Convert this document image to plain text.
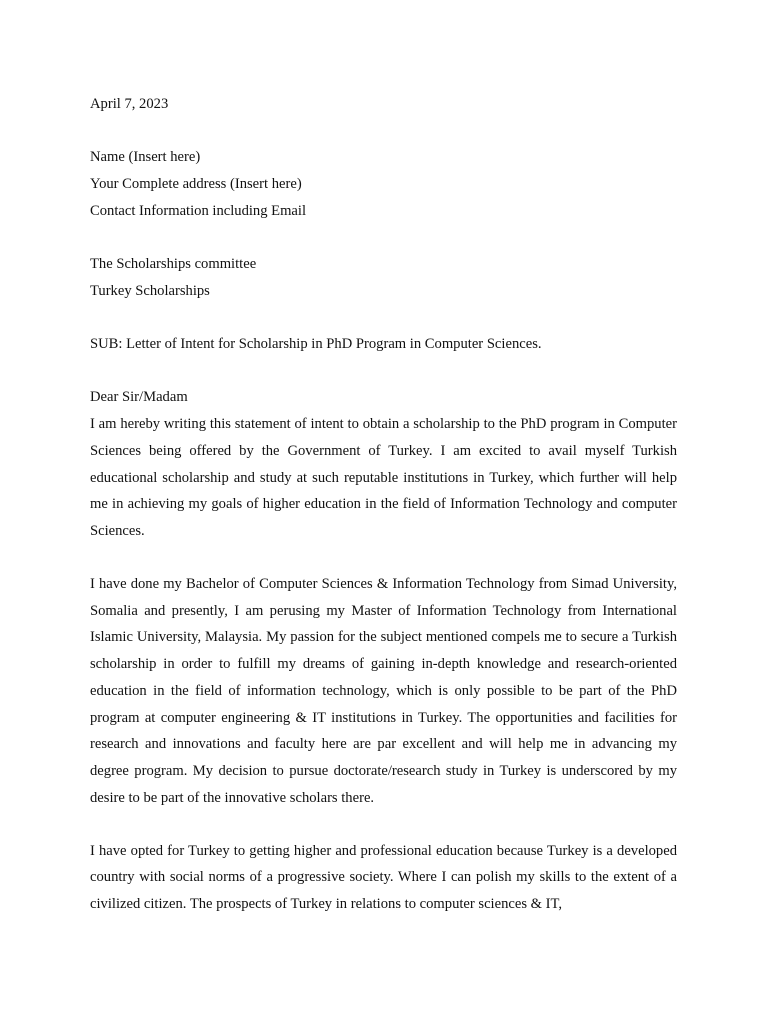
April 7, 2023
Name (Insert here)
Your Complete address (Insert here)
Contact Information including Email
The Scholarships committee
Turkey Scholarships
SUB: Letter of Intent for Scholarship in PhD Program in Computer Sciences.
Dear Sir/Madam

I am hereby writing this statement of intent to obtain a scholarship to the PhD program in Computer Sciences being offered by the Government of Turkey. I am excited to avail myself Turkish educational scholarship and study at such reputable institutions in Turkey, which further will help me in achieving my goals of higher education in the field of Information Technology and computer Sciences.

I have done my Bachelor of Computer Sciences & Information Technology from Simad University, Somalia and presently, I am perusing my Master of Information Technology from International Islamic University, Malaysia. My passion for the subject mentioned compels me to secure a Turkish scholarship in order to fulfill my dreams of gaining in-depth knowledge and research-oriented education in the field of information technology, which is only possible to be part of the PhD program at computer engineering & IT institutions in Turkey. The opportunities and facilities for research and innovations and faculty here are par excellent and will help me in advancing my degree program. My decision to pursue doctorate/research study in Turkey is underscored by my desire to be part of the innovative scholars there.

I have opted for Turkey to getting higher and professional education because Turkey is a developed country with social norms of a progressive society. Where I can polish my skills to the extent of a civilized citizen. The prospects of Turkey in relations to computer sciences & IT,
